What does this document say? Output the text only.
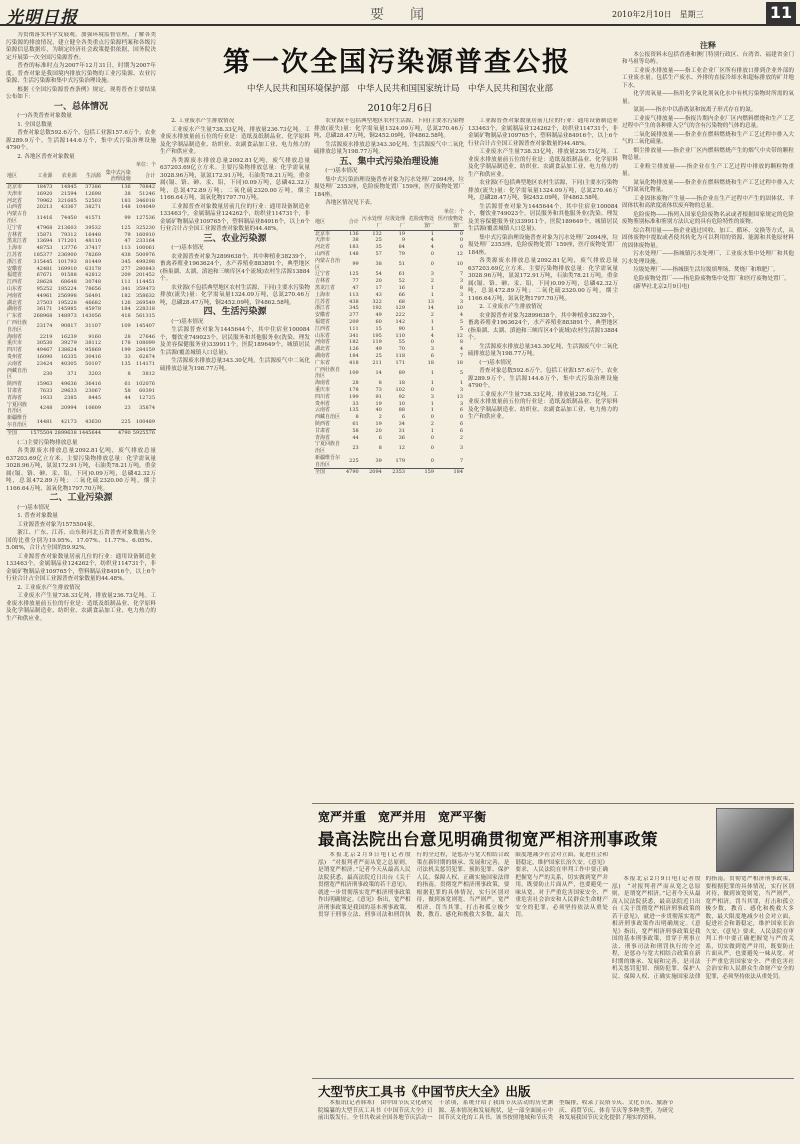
光明日报	要　闻	2010年2月10日　星期三	11
第一次全国污染源普查公报
中华人民共和国环境保护部　中华人民共和国国家统计局　中华人民共和国农业部
2010年2月6日

为贯彻落实科学发展观，加强环境监督管理，了解各类污染源的排放情况，建立健全各类重点污染源档案和各级污染源信息数据库，为制定经济社会政策提供依据，国务院决定开展第一次全国污染源普查。

普查的标准时点为2007年12月31日，时期为2007年度。普查对象是我国境内排放污染物的工业污染源、农业污染源、生活污染源和集中式污染治理设施。

根据《全国污染源普查条例》规定，现将普查主要结果公布如下：

一、总体情况

(一)各类普查对象数量

1. 全国总数量

普查对象总数592.6万个，包括工业源157.6万个，农业源289.9万个，生活源144.6万个，集中式污染治理设施4790个。

2. 各地区普查对象数量

单位：个
地区	工业源	农业源	生活源	集中式污染治理设施	合计
北京市	18473	14845	37386	136	70842
天津市	16920	21594	12698	38	51246
河北省	79962	321685	52503	183	346018
山西省	20213	43367	38271	148	104049
内蒙古自治区	11416	74450	41571	99	127536
辽宁省	47968	213603	39532	125	325230
吉林省	15871	79312	16448	79	160910
黑龙江省	13694	171201	48110	47	233164
上海市	48753	13776	37417	113	100061
江苏省	185377	236900	78269	438	500976
浙江省	315445	101793	81449	345	499298
安徽省	42481	169910	63178	277	280843
福建省	67671	91588	42812	209	201452
江西省	28628	68648	30748	111	114451
山东省	95252	185224	78656	341	359473
河南省	44961	256998	56491	182	358632
湖北省	27503	195228	46682	126	269549
湖南省	36171	145985	45978	184	228318
广东省	268968	148973	143056	418	561315
广西壮族自治区	23174	90817	31107	109	145407
海南省	2219	16239	9160	28	27646
重庆市	30530	39279	38112	178	108099
四川省	49467	138624	95869	199	284159
贵州省	16090	16335	30416	33	62874
云南省	23424	40305	50107	135	114171
西藏自治区	230	371	3203	8	3812
陕西省	15963	49636	36416	61	102076
甘肃省	7633	29633	23067	58	60391
青海省	1933	2385	8445	44	12725
宁夏回族自治区	4248	20994	10609	23	35874
新疆维吾尔自治区	14481	42173	43630	225	100489
全国	1575504	2899638	1445644	4790	5925576

(二)主要污染物排放总量

各类源废水排放总量2092.81亿吨，废气排放总量637203.69亿立方米。主要污染物排放总量：化学需氧量3028.96万吨，氨氮172.91万吨，石油类78.21万吨，重金属(镉、铬、砷、汞、铅，下同)0.09万吨，总磷42.32万吨，总氮472.89万吨；二氧化硫2320.00万吨，烟尘1166.64万吨，氮氧化物1797.70万吨。

二、工业污染源

(一)基本情况

1. 普查对象数量

工业源普查对象为1575504家。

浙江、广东、江苏、山东和河北五省普查对象数量占全国的比重分别为19.95%、17.07%、11.77%、6.05%、5.08%，合计占全国的59.92%。

工业源普查对象数量居前几位的行业：通用设备制造业133463个，金属制品业124262个，纺织业114731个，非金属矿物制品业109765个，塑料制品业84916个，以上6个行业合计占全国工业源普查对象数量的44.48%。

2. 工业废水产生排放情况

工业废水产生量738.33亿吨，排放量236.73亿吨。工业废水排放量前五位的行业是：造纸及纸制品业、化学原料及化学制品制造业、纺织业、农副食品加工业、电力热力的生产和供应业。

2. 工业废水产生排放情况

工业废水产生量738.33亿吨，排放量236.73亿吨。工业废水排放量前五位的行业是：造纸及纸制品业、化学原料及化学制品制造业、纺织业、农副食品加工业、电力热力的生产和供应业。

各类源废水排放总量2092.81亿吨，废气排放总量637203.69亿立方米。主要污染物排放总量：化学需氧量3028.96万吨，氨氮172.91万吨，石油类78.21万吨，重金属(镉、铬、砷、汞、铅，下同)0.09万吨，总磷42.32万吨，总氮472.89万吨；二氧化硫2320.00万吨，烟尘1166.64万吨，氮氧化物1797.70万吨。

工业源普查对象数量居前几位的行业：通用设备制造业133463个，金属制品业124262个，纺织业114731个，非金属矿物制品业109765个，塑料制品业84916个，以上6个行业合计占全国工业源普查对象数量的44.48%。

三、农业污染源

(一)基本情况

农业源普查对象为2899638个，其中种植业38239个，畜禽养殖业1963624个，水产养殖业883891个，典型地区(指巢湖、太湖、滇池和三峡库区4个流域)农村生活源13884个。

农业源(不包括典型地区农村生活源，下同)主要水污染物排放(流失)量：化学需氧量1324.09万吨，总氮270.46万吨，总磷28.47万吨，铜2452.09吨，锌4862.58吨。

四、生活污染源

(一)基本情况

生活源普查对象为1445644个，其中住宿业100084个，餐饮业749023个，居民服务和其他服务业(洗染、理发及美容保健服务业)339911个，医院189649个，城镇居民生活源(覆盖城镇人口总量)。

生活源废水排放总量343.30亿吨，生活源废气中二氧化硫排放总量为198.77万吨。

农业源(不包括典型地区农村生活源，下同)主要水污染物排放(流失)量：化学需氧量1324.09万吨，总氮270.46万吨，总磷28.47万吨，铜2452.09吨，锌4862.58吨。

生活源废水排放总量343.30亿吨，生活源废气中二氧化硫排放总量为198.77万吨。

五、集中式污染治理设施

(一)基本情况

集中式污染治理设施普查对象为污水处理厂2094座，垃圾处理厂2353座，危险废物处置厂159座，医疗废物处置厂184座。

各地区情况见下表。

单位：个
地区	合计	污水处理厂	垃圾处理厂	危险废物处置厂	医疗废物处置厂
北京市	136	132	19	1	0
天津市	38	25	9	4	0
河北省	183	35	84	4	0
山西省	148	57	79	0	12
内蒙古自治区	99	38	51	0	10
辽宁省	125	54	61	3	7
吉林省	77	20	52	2	3
黑龙江省	47	17	16	1	8
上海市	113	43	66	1	3
江苏省	438	322	68	13	3
浙江省	345	192	129	14	10
安徽省	277	49	222	2	4
福建省	209	60	142	1	5
江西省	111	15	90	1	5
山东省	341	195	110	4	12
河南省	182	119	55	0	8
湖北省	126	49	70	3	4
湖南省	184	25	118	6	7
广东省	418	211	171	18	18
广西壮族自治区	109	14	89	1	5
海南省	28	8	18	1	1
重庆市	178	73	102	0	3
四川省	199	91	92	3	13
贵州省	33	19	10	1	3
云南省	135	40	88	1	6
西藏自治区	8	2	6	0	0
陕西省	61	19	34	2	6
甘肃省	58	20	31	1	6
青海省	44	6	36	0	2
宁夏回族自治区	23	8	12	0	3
新疆维吾尔自治区	225	39	179	0	7
全国	4790	2094	2353	159	184

工业源普查对象数量居前几位的行业：通用设备制造业133463个，金属制品业124262个，纺织业114731个，非金属矿物制品业109765个，塑料制品业84916个，以上6个行业合计占全国工业源普查对象数量的44.48%。

工业废水产生量738.33亿吨，排放量236.73亿吨。工业废水排放量前五位的行业是：造纸及纸制品业、化学原料及化学制品制造业、纺织业、农副食品加工业、电力热力的生产和供应业。

农业源(不包括典型地区农村生活源，下同)主要水污染物排放(流失)量：化学需氧量1324.09万吨，总氮270.46万吨，总磷28.47万吨，铜2452.09吨，锌4862.58吨。

生活源普查对象为1445644个，其中住宿业100084个，餐饮业749023个，居民服务和其他服务业(洗染、理发及美容保健服务业)339911个，医院189649个，城镇居民生活源(覆盖城镇人口总量)。

集中式污染治理设施普查对象为污水处理厂2094座，垃圾处理厂2353座，危险废物处置厂159座，医疗废物处置厂184座。

各类源废水排放总量2092.81亿吨，废气排放总量637203.69亿立方米。主要污染物排放总量：化学需氧量3028.96万吨，氨氮172.91万吨，石油类78.21万吨，重金属(镉、铬、砷、汞、铅，下同)0.09万吨，总磷42.32万吨，总氮472.89万吨；二氧化硫2320.00万吨，烟尘1166.64万吨，氮氧化物1797.70万吨。

2. 工业废水产生排放情况

农业源普查对象为2899638个，其中种植业38239个，畜禽养殖业1963624个，水产养殖业883891个，典型地区(指巢湖、太湖、滇池和三峡库区4个流域)农村生活源13884个。

生活源废水排放总量343.30亿吨，生活源废气中二氧化硫排放总量为198.77万吨。

(一)基本情况

普查对象总数592.6万个，包括工业源157.6万个，农业源289.9万个，生活源144.6万个，集中式污染治理设施4790个。

工业废水产生量738.33亿吨，排放量236.73亿吨。工业废水排放量前五位的行业是：造纸及纸制品业、化学原料及化学制品制造业、纺织业、农副食品加工业、电力热力的生产和供应业。

注释

本公报资料未包括香港和澳门特别行政区、台湾省、福建省金门和马祖等岛屿。

工业废水排放量——指工业企业厂区所有排放口排到企业外部的工业废水量。包括生产废水、外排的直接冷却水和超标排放的矿井地下水。

化学需氧量——指用化学氧化剂氧化水中有机污染物时所需的氧量。

氨氮——指水中以游离氨和铵离子形式存在的氮。

工业废气排放量——指报告期内企业厂区内燃料燃烧和生产工艺过程中产生的各种排入空气的含有污染物的气体的总量。

二氧化硫排放量——指企业在燃料燃烧和生产工艺过程中排入大气的二氧化硫量。

烟尘排放量——指企业厂区内燃料燃烧产生的烟气中夹带的颗粒物总量。

工业粉尘排放量——指企业在生产工艺过程中排放的颗粒物重量。

氮氧化物排放量——指企业在燃料燃烧和生产工艺过程中排入大气的氮氧化物量。

工业固体废物产生量——指企业在生产过程中产生的固体状、半固体状和高浓度液体状废弃物的总量。

危险废物——指列入国家危险废物名录或者根据国家规定的危险废物鉴别标准和鉴别方法认定的具有危险特性的废物。

综合利用量——指企业通过回收、加工、循环、交换等方式，从固体废物中提取或者使其转化为可以利用的资源、能源和其他原材料的固体废物量。

污水处理厂——指城镇污水处理厂、工业废水集中处理厂和其他污水处理设施。

垃圾处理厂——指城镇生活垃圾填埋场、焚烧厂和堆肥厂。

危险废物处置厂——指危险废物集中处置厂和医疗废物处置厂。

(新华社北京2月9日电)

宽严并重　宽严并用　宽严平衡
最高法院出台意见明确贯彻宽严相济刑事政策

本报北京2月9日电(记者殷泓)　“对报判者严而从宽之总原则，是谓宽严相济。”记者今天从最高人民法院获悉，最高法院近日出台《关于贯彻宽严相济刑事政策的若干意见》，就进一步贯彻落实宽严相济刑事政策作出明确规定。《意见》指出，宽严相济刑事政策是我国的基本刑事政策，贯穿于刑事立法、刑事司法和刑罚执行的全过程，是惩办与宽大相结合政策在新时期的继承、发展和完善，是司法机关惩罚犯罪、预防犯罪、保护人民、保障人权、正确实施国家法律的指南。贯彻宽严相济刑事政策，要根据犯罪的具体情况，实行区别对待，做到该宽则宽，当严则严，宽严相济，罚当其罪，打击和孤立极少数，教育、感化和挽救大多数，最大限度地减少社会对立面，促进社会和谐稳定，维护国家长治久安。《意见》要求，人民法院在审判工作中要正确把握宽与严的关系，切实做到宽严并用，既要防止片面从严，也要避免一味从宽。对于严重危害国家安全、严重危害社会治安和人民群众生命财产安全的犯罪，必须坚持依法从重处罚。

本报北京2月9日电(记者殷泓)　“对报判者严而从宽之总原则，是谓宽严相济。”记者今天从最高人民法院获悉，最高法院近日出台《关于贯彻宽严相济刑事政策的若干意见》，就进一步贯彻落实宽严相济刑事政策作出明确规定。《意见》指出，宽严相济刑事政策是我国的基本刑事政策，贯穿于刑事立法、刑事司法和刑罚执行的全过程，是惩办与宽大相结合政策在新时期的继承、发展和完善，是司法机关惩罚犯罪、预防犯罪、保护人民、保障人权、正确实施国家法律的指南。贯彻宽严相济刑事政策，要根据犯罪的具体情况，实行区别对待，做到该宽则宽，当严则严，宽严相济，罚当其罪，打击和孤立极少数，教育、感化和挽救大多数，最大限度地减少社会对立面，促进社会和谐稳定，维护国家长治久安。《意见》要求，人民法院在审判工作中要正确把握宽与严的关系，切实做到宽严并用，既要防止片面从严，也要避免一味从宽。对于严重危害国家安全、严重危害社会治安和人民群众生命财产安全的犯罪，必须坚持依法从重处罚。

大型节庆工具书《中国节庆大全》出版

本报讯(记者韩寒)　由中国节庆文化研究院编纂的大型节庆工具书《中国节庆大全》日前出版发行。全书共收录全国各地节庆活动一千余项，系统介绍了我国节庆活动的历史渊源、基本情况和发展现状，是一部全面展示中国节庆文化的工具书。该书按照地域和节庆类型编排，收录了民俗节庆、文化节庆、旅游节庆、商贸节庆、体育节庆等多种类型，为研究和发展我国节庆文化提供了翔实的资料。
